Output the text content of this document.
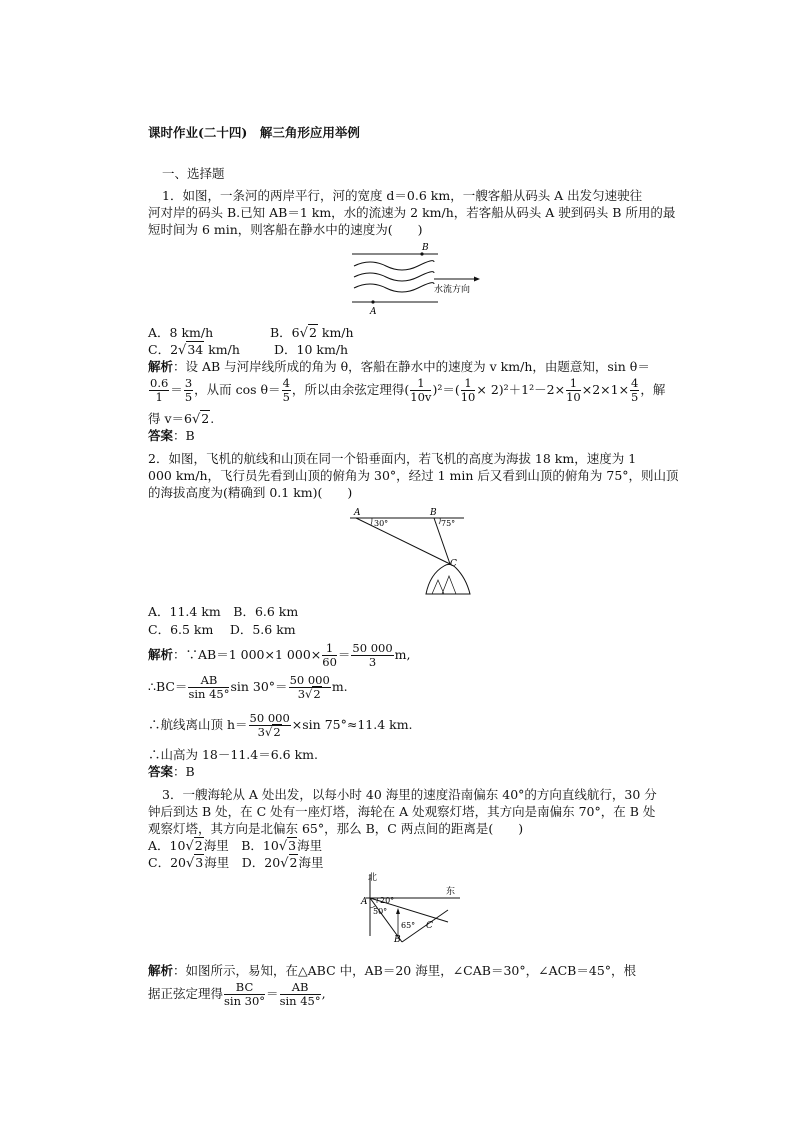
课时作业(二十四)　解三角形应用举例
一、选择题
1．如图，一条河的两岸平行，河的宽度 d＝0.6 km，一艘客船从码头 A 出发匀速驶往
河对岸的码头 B.已知 AB＝1 km，水的流速为 2 km/h，若客船从码头 A 驶到码头 B 所用的最
短时间为 6 min，则客船在静水中的速度为(　　)
B
A
水流方向
A．8 km/h	B．6√2 km/h
C．2√34 km/h	D．10 km/h
解析：设 AB 与河岸线所成的角为 θ，客船在静水中的速度为 v km/h，由题意知，sin θ＝
$\frac{0.6}{1} = \frac{3}{5}$ ，从而 $\cos \theta= \frac{4}{5}$ ，所以由余弦定理得( $\frac{1}{10v} )^2=( \frac{1}{10} \times 2)^2+1^2-2\times \frac{1}{10} \times 2\times 1\times \frac{4}{5}$ ，解
得 v＝6√2.
答案：B
2．如图，飞机的航线和山顶在同一个铅垂面内，若飞机的高度为海拔 18 km，速度为 1
000 km/h，飞行员先看到山顶的俯角为 30°，经过 1 min 后又看到山顶的俯角为 75°，则山顶
的海拔高度为(精确到 0.1 km)(　　)
A	B
C
30°	75°
A．11.4 km　B．6.6 km
C．6.5 km　 D．5.6 km
解析：∵AB＝1 000×1 $000\times \frac{1}{60} = \frac{50 000}{3} m$,
∴BC＝ $\frac{AB}{\sin 45^\circ}$ $\sin 30^\circ= \frac{50 000}{3√2} m$.
∴航线离山顶 $h= \frac{50 000}{3√2} \times\sin$ 75°≈11.4 km.
∴山高为 18－11.4＝6.6 km.
答案：B
3．一艘海轮从 A 处出发，以每小时 40 海里的速度沿南偏东 40°的方向直线航行，30 分
钟后到达 B 处，在 C 处有一座灯塔，海轮在 A 处观察灯塔，其方向是南偏东 70°，在 B 处
观察灯塔，其方向是北偏东 65°，那么 B，C 两点间的距离是(　　)
A．10√2海里　 B．10√3海里
C．20√3海里　 D．20√2海里
北
东
A
B
C
20°
50°
65°
解析：如图所示，易知，在△ABC 中，AB＝20 海里，∠CAB＝30°，∠ACB＝45°，根
据正弦定理得 $\frac{BC}{\sin 30^\circ} = \frac{AB}{\sin 45^\circ}$ ,
